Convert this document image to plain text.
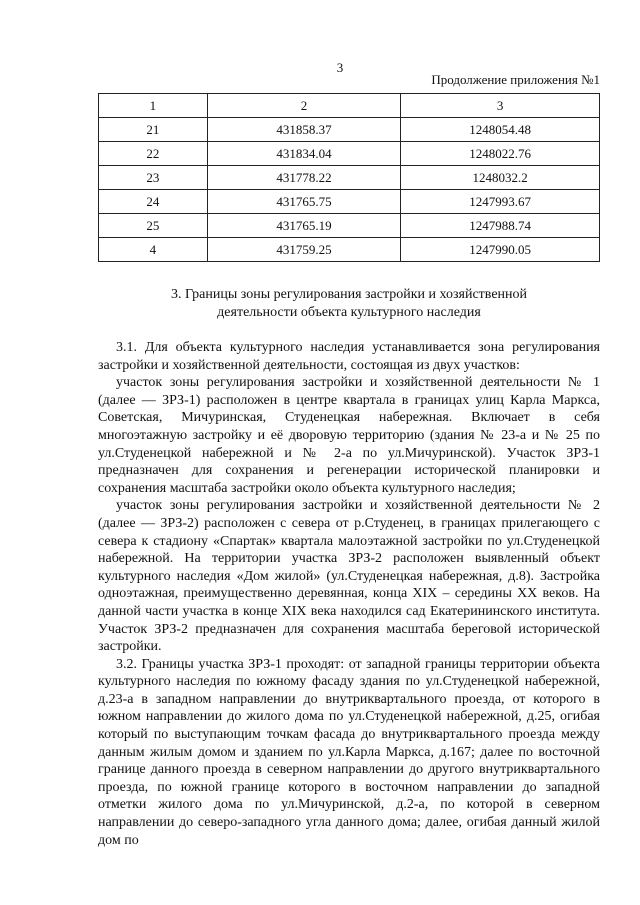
3
Продолжение приложения №1
1	2	3
21	431858.37	1248054.48
22	431834.04	1248022.76
23	431778.22	1248032.2
24	431765.75	1247993.67
25	431765.19	1247988.74
4	431759.25	1247990.05
3. Границы зоны регулирования застройки и хозяйственной
деятельности объекта культурного наследия

3.1. Для объекта культурного наследия устанавливается зона регулирования застройки и хозяйственной деятельности, состоящая из двух участков:

участок зоны регулирования застройки и хозяйственной деятельности № 1 (далее — ЗРЗ-1) расположен в центре квартала в границах улиц Карла Маркса, Советская, Мичуринская, Студенецкая набережная. Включает в себя многоэтажную застройку и её дворовую территорию (здания № 23-а и № 25 по ул.Студенецкой набережной и № 2-а по ул.Мичуринской). Участок ЗРЗ-1 предназначен для сохранения и регенерации исторической планировки и сохранения масштаба застройки около объекта культурного наследия;

участок зоны регулирования застройки и хозяйственной деятельности № 2 (далее — ЗРЗ-2) расположен с севера от р.Студенец, в границах прилегающего с севера к стадиону «Спартак» квартала малоэтажной застройки по ул.Студенецкой набережной. На территории участка ЗРЗ-2 расположен выявленный объект культурного наследия «Дом жилой» (ул.Студенецкая набережная, д.8). Застройка одноэтажная, преимущественно деревянная, конца XIX – середины XX веков. На данной части участка в конце XIX века находился сад Екатерининского института. Участок ЗРЗ-2 предназначен для сохранения масштаба береговой исторической застройки.

3.2. Границы участка ЗРЗ-1 проходят: от западной границы территории объекта культурного наследия по южному фасаду здания по ул.Студенецкой набережной, д.23-а в западном направлении до внутриквартального проезда, от которого в южном направлении до жилого дома по ул.Студенецкой набережной, д.25, огибая который по выступающим точкам фасада до внутриквартального проезда между данным жилым домом и зданием по ул.Карла Маркса, д.167; далее по восточной границе данного проезда в северном направлении до другого внутриквартального проезда, по южной границе которого в восточном направлении до западной отметки жилого дома по ул.Мичуринской, д.2-а, по которой в северном направлении до северо-западного угла данного дома; далее, огибая данный жилой дом по
